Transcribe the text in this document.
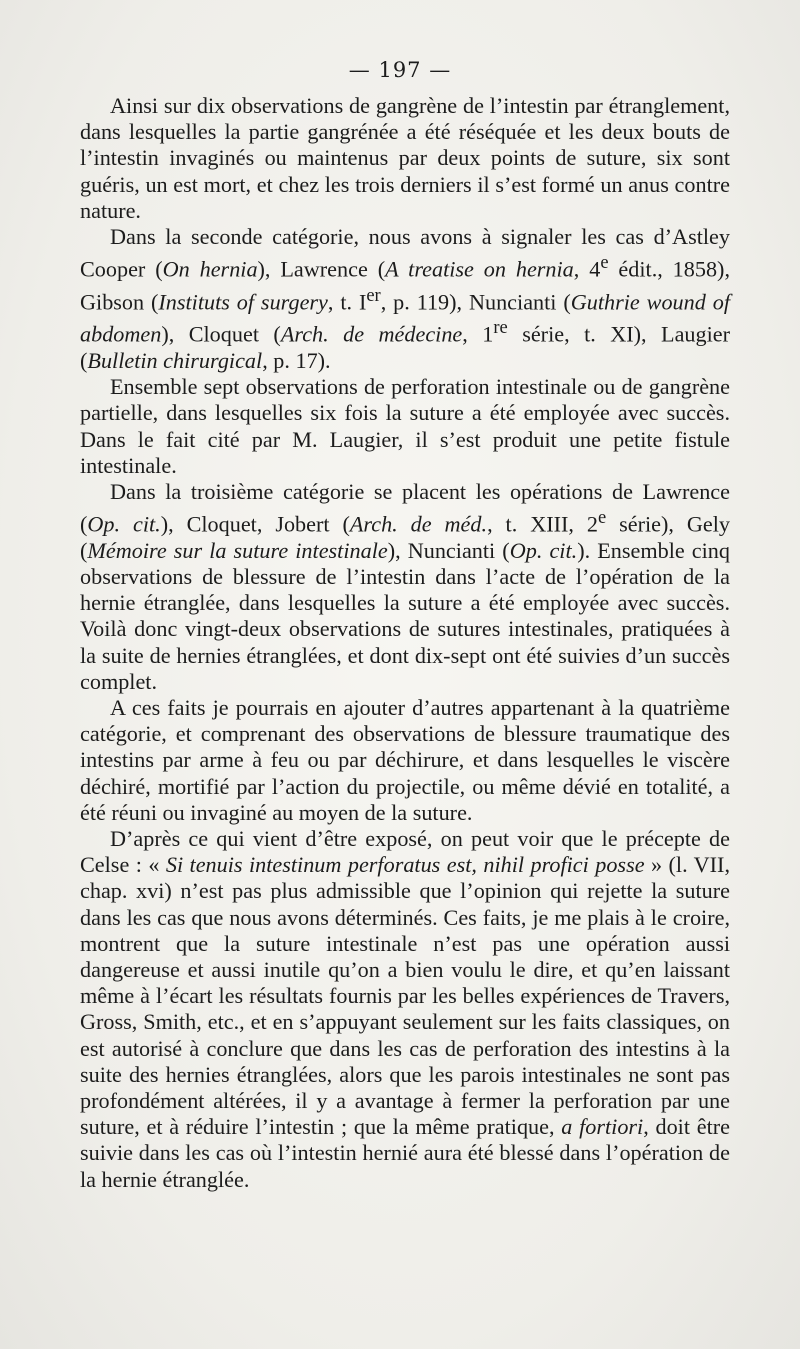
— 197 —

Ainsi sur dix observations de gangrène de l’intestin par étranglement, dans lesquelles la partie gangrénée a été réséquée et les deux bouts de l’intestin invaginés ou maintenus par deux points de suture, six sont guéris, un est mort, et chez les trois derniers il s’est formé un anus contre nature.

Dans la seconde catégorie, nous avons à signaler les cas d’Astley Cooper (On hernia), Lawrence (A treatise on hernia, 4e édit., 1858), Gibson (Instituts of surgery, t. Ier, p. 119), Nuncianti (Guthrie wound of abdomen), Cloquet (Arch. de médecine, 1re série, t. XI), Laugier (Bulletin chirurgical, p. 17).

Ensemble sept observations de perforation intestinale ou de gangrène partielle, dans lesquelles six fois la suture a été employée avec succès. Dans le fait cité par M. Laugier, il s’est produit une petite fistule intestinale.

Dans la troisième catégorie se placent les opérations de Lawrence (Op. cit.), Cloquet, Jobert (Arch. de méd., t. XIII, 2e série), Gely (Mémoire sur la suture intestinale), Nuncianti (Op. cit.). Ensemble cinq observations de blessure de l’intestin dans l’acte de l’opération de la hernie étranglée, dans lesquelles la suture a été employée avec succès. Voilà donc vingt-deux observations de sutures intestinales, pratiquées à la suite de hernies étranglées, et dont dix-sept ont été suivies d’un succès complet.

A ces faits je pourrais en ajouter d’autres appartenant à la quatrième catégorie, et comprenant des observations de blessure traumatique des intestins par arme à feu ou par déchirure, et dans lesquelles le viscère déchiré, mortifié par l’action du projectile, ou même dévié en totalité, a été réuni ou invaginé au moyen de la suture.

D’après ce qui vient d’être exposé, on peut voir que le précepte de Celse : « Si tenuis intestinum perforatus est, nihil profici posse » (l. VII, chap. xvi) n’est pas plus admissible que l’opinion qui rejette la suture dans les cas que nous avons déterminés. Ces faits, je me plais à le croire, montrent que la suture intestinale n’est pas une opération aussi dangereuse et aussi inutile qu’on a bien voulu le dire, et qu’en laissant même à l’écart les résultats fournis par les belles expériences de Travers, Gross, Smith, etc., et en s’appuyant seulement sur les faits classiques, on est autorisé à conclure que dans les cas de perforation des intestins à la suite des hernies étranglées, alors que les parois intestinales ne sont pas profondément altérées, il y a avantage à fermer la perforation par une suture, et à réduire l’intestin ; que la même pratique, a fortiori, doit être suivie dans les cas où l’intestin hernié aura été blessé dans l’opération de la hernie étranglée.
